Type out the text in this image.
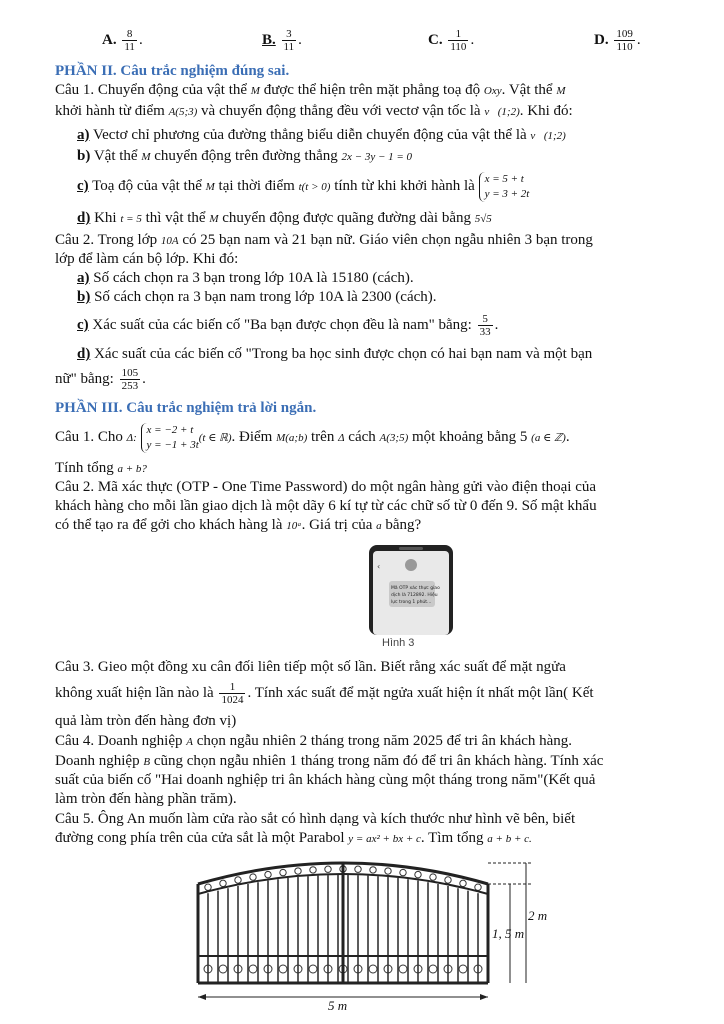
A. $\frac{8}{11}$ .	B. $\frac{3}{11}$ .	C. $\frac{1}{110}$ .	D. $\frac{109}{110}$ .
PHẦN II. Câu trắc nghiệm đúng sai.
Câu 1. Chuyển động của vật thể M được thể hiện trên mặt phẳng toạ độ Oxy. Vật thể M
khởi hành từ điểm A(5;3) và chuyển động thẳng đều với vectơ vận tốc là v⃗(1;2). Khi đó:
a) Vectơ chỉ phương của đường thẳng biểu diễn chuyển động của vật thể là v⃗(1;2)
b) Vật thể M chuyển động trên đường thẳng 2x − 3y − 1 = 0
c) Toạ độ của vật thể M tại thời điểm t(t > 0) tính từ khi khởi hành là x = 5 + t
y = 3 + 2t
d) Khi t = 5 thì vật thể M chuyển động được quãng đường dài bằng 5√5
Câu 2. Trong lớp 10A có 25 bạn nam và 21 bạn nữ. Giáo viên chọn ngẫu nhiên 3 bạn trong
lớp để làm cán bộ lớp. Khi đó:
a) Số cách chọn ra 3 bạn trong lớp 10A là 15180 (cách).
b) Số cách chọn ra 3 bạn nam trong lớp 10A là 2300 (cách).
c) Xác suất của các biến cố "Ba bạn được chọn đều là nam" bằng: $\frac{5}{33}$ .
d) Xác suất của các biến cố "Trong ba học sinh được chọn có hai bạn nam và một bạn
nữ" bằng: $\frac{105}{253}$ .
PHẦN III. Câu trắc nghiệm trả lời ngắn.
Câu 1. Cho Δ:
x = −2 + t
y = −1 + 3t
(t ∈ ℝ). Điểm M(a;b) trên Δ cách A(3;5) một khoảng bằng 5 (a ∈ ℤ).
Tính tổng a + b?
Câu 2. Mã xác thực (OTP - One Time Password) do một ngân hàng gửi vào điện thoại của
khách hàng cho mỗi lần giao dịch là một dãy 6 kí tự từ các chữ số từ 0 đến 9. Số mật khẩu
có thể tạo ra để gởi cho khách hàng là 10ᵃ. Giá trị của a bằng?
‹
Mã OTP xác thực giao
dịch là 712892. Hiệu
lực trong 1 phút...
Hình 3
Câu 3. Gieo một đồng xu cân đối liên tiếp một số lần. Biết rằng xác suất để mặt ngửa
không xuất hiện lần nào là $\frac{1}{1024}$ . Tính xác suất để mặt ngửa xuất hiện ít nhất một lần( Kết
quả làm tròn đến hàng đơn vị)
Câu 4. Doanh nghiệp A chọn ngẫu nhiên 2 tháng trong năm 2025 để tri ân khách hàng.
Doanh nghiệp B cũng chọn ngẫu nhiên 1 tháng trong năm đó để tri ân khách hàng. Tính xác
suất của biến cố "Hai doanh nghiệp tri ân khách hàng cùng một tháng trong năm"(Kết quả
làm tròn đến hàng phần trăm).
Câu 5. Ông An muốn làm cửa rào sắt có hình dạng và kích thước như hình vẽ bên, biết
đường cong phía trên của cửa sắt là một Parabol y = ax² + bx + c. Tìm tổng a + b + c.
2 m
1, 5 m
5 m
